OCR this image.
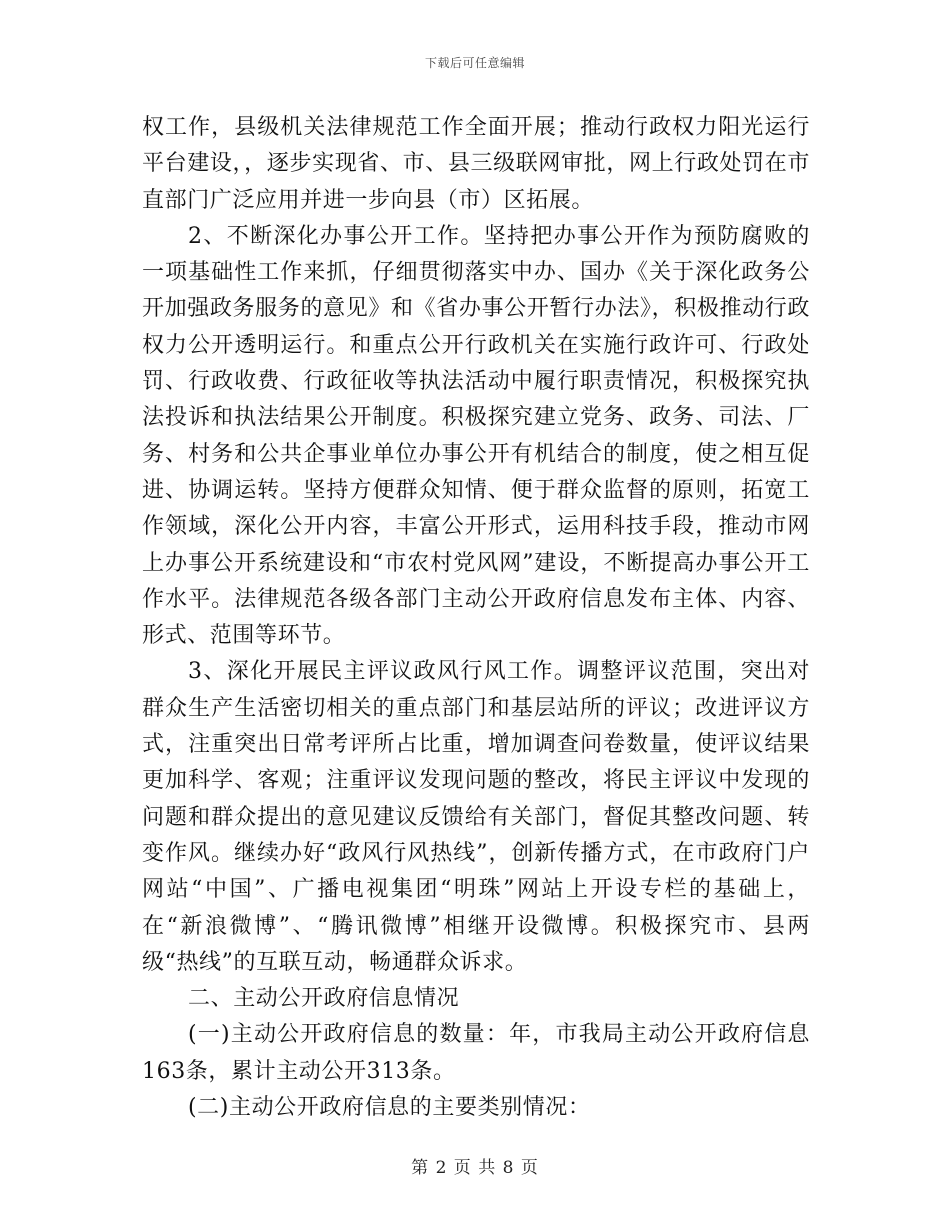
下载后可任意编辑

权工作，县级机关法律规范工作全面开展；推动行政权力阳光运行平台建设，，逐步实现省、市、县三级联网审批，网上行政处罚在市直部门广泛应用并进一步向县（市）区拓展。

2、不断深化办事公开工作。坚持把办事公开作为预防腐败的一项基础性工作来抓，仔细贯彻落实中办、国办《关于深化政务公开加强政务服务的意见》和《省办事公开暂行办法》，积极推动行政权力公开透明运行。和重点公开行政机关在实施行政许可、行政处罚、行政收费、行政征收等执法活动中履行职责情况，积极探究执法投诉和执法结果公开制度。积极探究建立党务、政务、司法、厂务、村务和公共企事业单位办事公开有机结合的制度，使之相互促进、协调运转。坚持方便群众知情、便于群众监督的原则，拓宽工作领域，深化公开内容，丰富公开形式，运用科技手段，推动市网上办事公开系统建设和“市农村党风网”建设，不断提高办事公开工作水平。法律规范各级各部门主动公开政府信息发布主体、内容、形式、范围等环节。

3、深化开展民主评议政风行风工作。调整评议范围，突出对群众生产生活密切相关的重点部门和基层站所的评议；改进评议方式，注重突出日常考评所占比重，增加调查问卷数量，使评议结果更加科学、客观；注重评议发现问题的整改，将民主评议中发现的问题和群众提出的意见建议反馈给有关部门，督促其整改问题、转变作风。继续办好“政风行风热线”，创新传播方式，在市政府门户网站“中国”、广播电视集团“明珠”网站上开设专栏的基础上，在“新浪微博”、“腾讯微博”相继开设微博。积极探究市、县两级“热线”的互联互动，畅通群众诉求。

二、主动公开政府信息情况

(一)主动公开政府信息的数量：年，市我局主动公开政府信息163条，累计主动公开313条。

(二)主动公开政府信息的主要类别情况：

第 2 页 共 8 页
